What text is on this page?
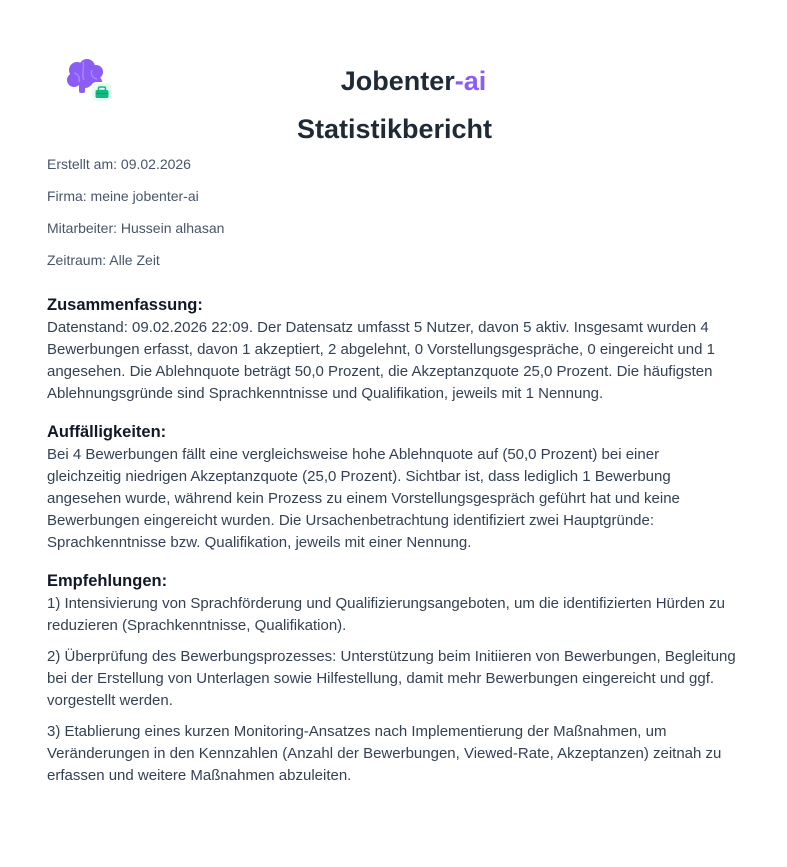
Jobenter-ai
Statistikbericht
Erstellt am: 09.02.2026
Firma: meine jobenter-ai
Mitarbeiter: Hussein alhasan
Zeitraum: Alle Zeit
Zusammenfassung:

Datenstand: 09.02.2026 22:09. Der Datensatz umfasst 5 Nutzer, davon 5 aktiv. Insgesamt wurden 4 Bewerbungen erfasst, davon 1 akzeptiert, 2 abgelehnt, 0 Vorstellungsgespräche, 0 eingereicht und 1 angesehen. Die Ablehnquote beträgt 50,0 Prozent, die Akzeptanzquote 25,0 Prozent. Die häufigsten Ablehnungsgründe sind Sprachkenntnisse und Qualifikation, jeweils mit 1 Nennung.

Auffälligkeiten:

Bei 4 Bewerbungen fällt eine vergleichsweise hohe Ablehnquote auf (50,0 Prozent) bei einer gleichzeitig niedrigen Akzeptanzquote (25,0 Prozent). Sichtbar ist, dass lediglich 1 Bewerbung angesehen wurde, während kein Prozess zu einem Vorstellungsgespräch geführt hat und keine Bewerbungen eingereicht wurden. Die Ursachenbetrachtung identifiziert zwei Hauptgründe: Sprachkenntnisse bzw. Qualifikation, jeweils mit einer Nennung.

Empfehlungen:

1) Intensivierung von Sprachförderung und Qualifizierungsangeboten, um die identifizierten Hürden zu reduzieren (Sprachkenntnisse, Qualifikation).

2) Überprüfung des Bewerbungsprozesses: Unterstützung beim Initiieren von Bewerbungen, Begleitung bei der Erstellung von Unterlagen sowie Hilfestellung, damit mehr Bewerbungen eingereicht und ggf. vorgestellt werden.

3) Etablierung eines kurzen Monitoring-Ansatzes nach Implementierung der Maßnahmen, um Veränderungen in den Kennzahlen (Anzahl der Bewerbungen, Viewed-Rate, Akzeptanzen) zeitnah zu erfassen und weitere Maßnahmen abzuleiten.
